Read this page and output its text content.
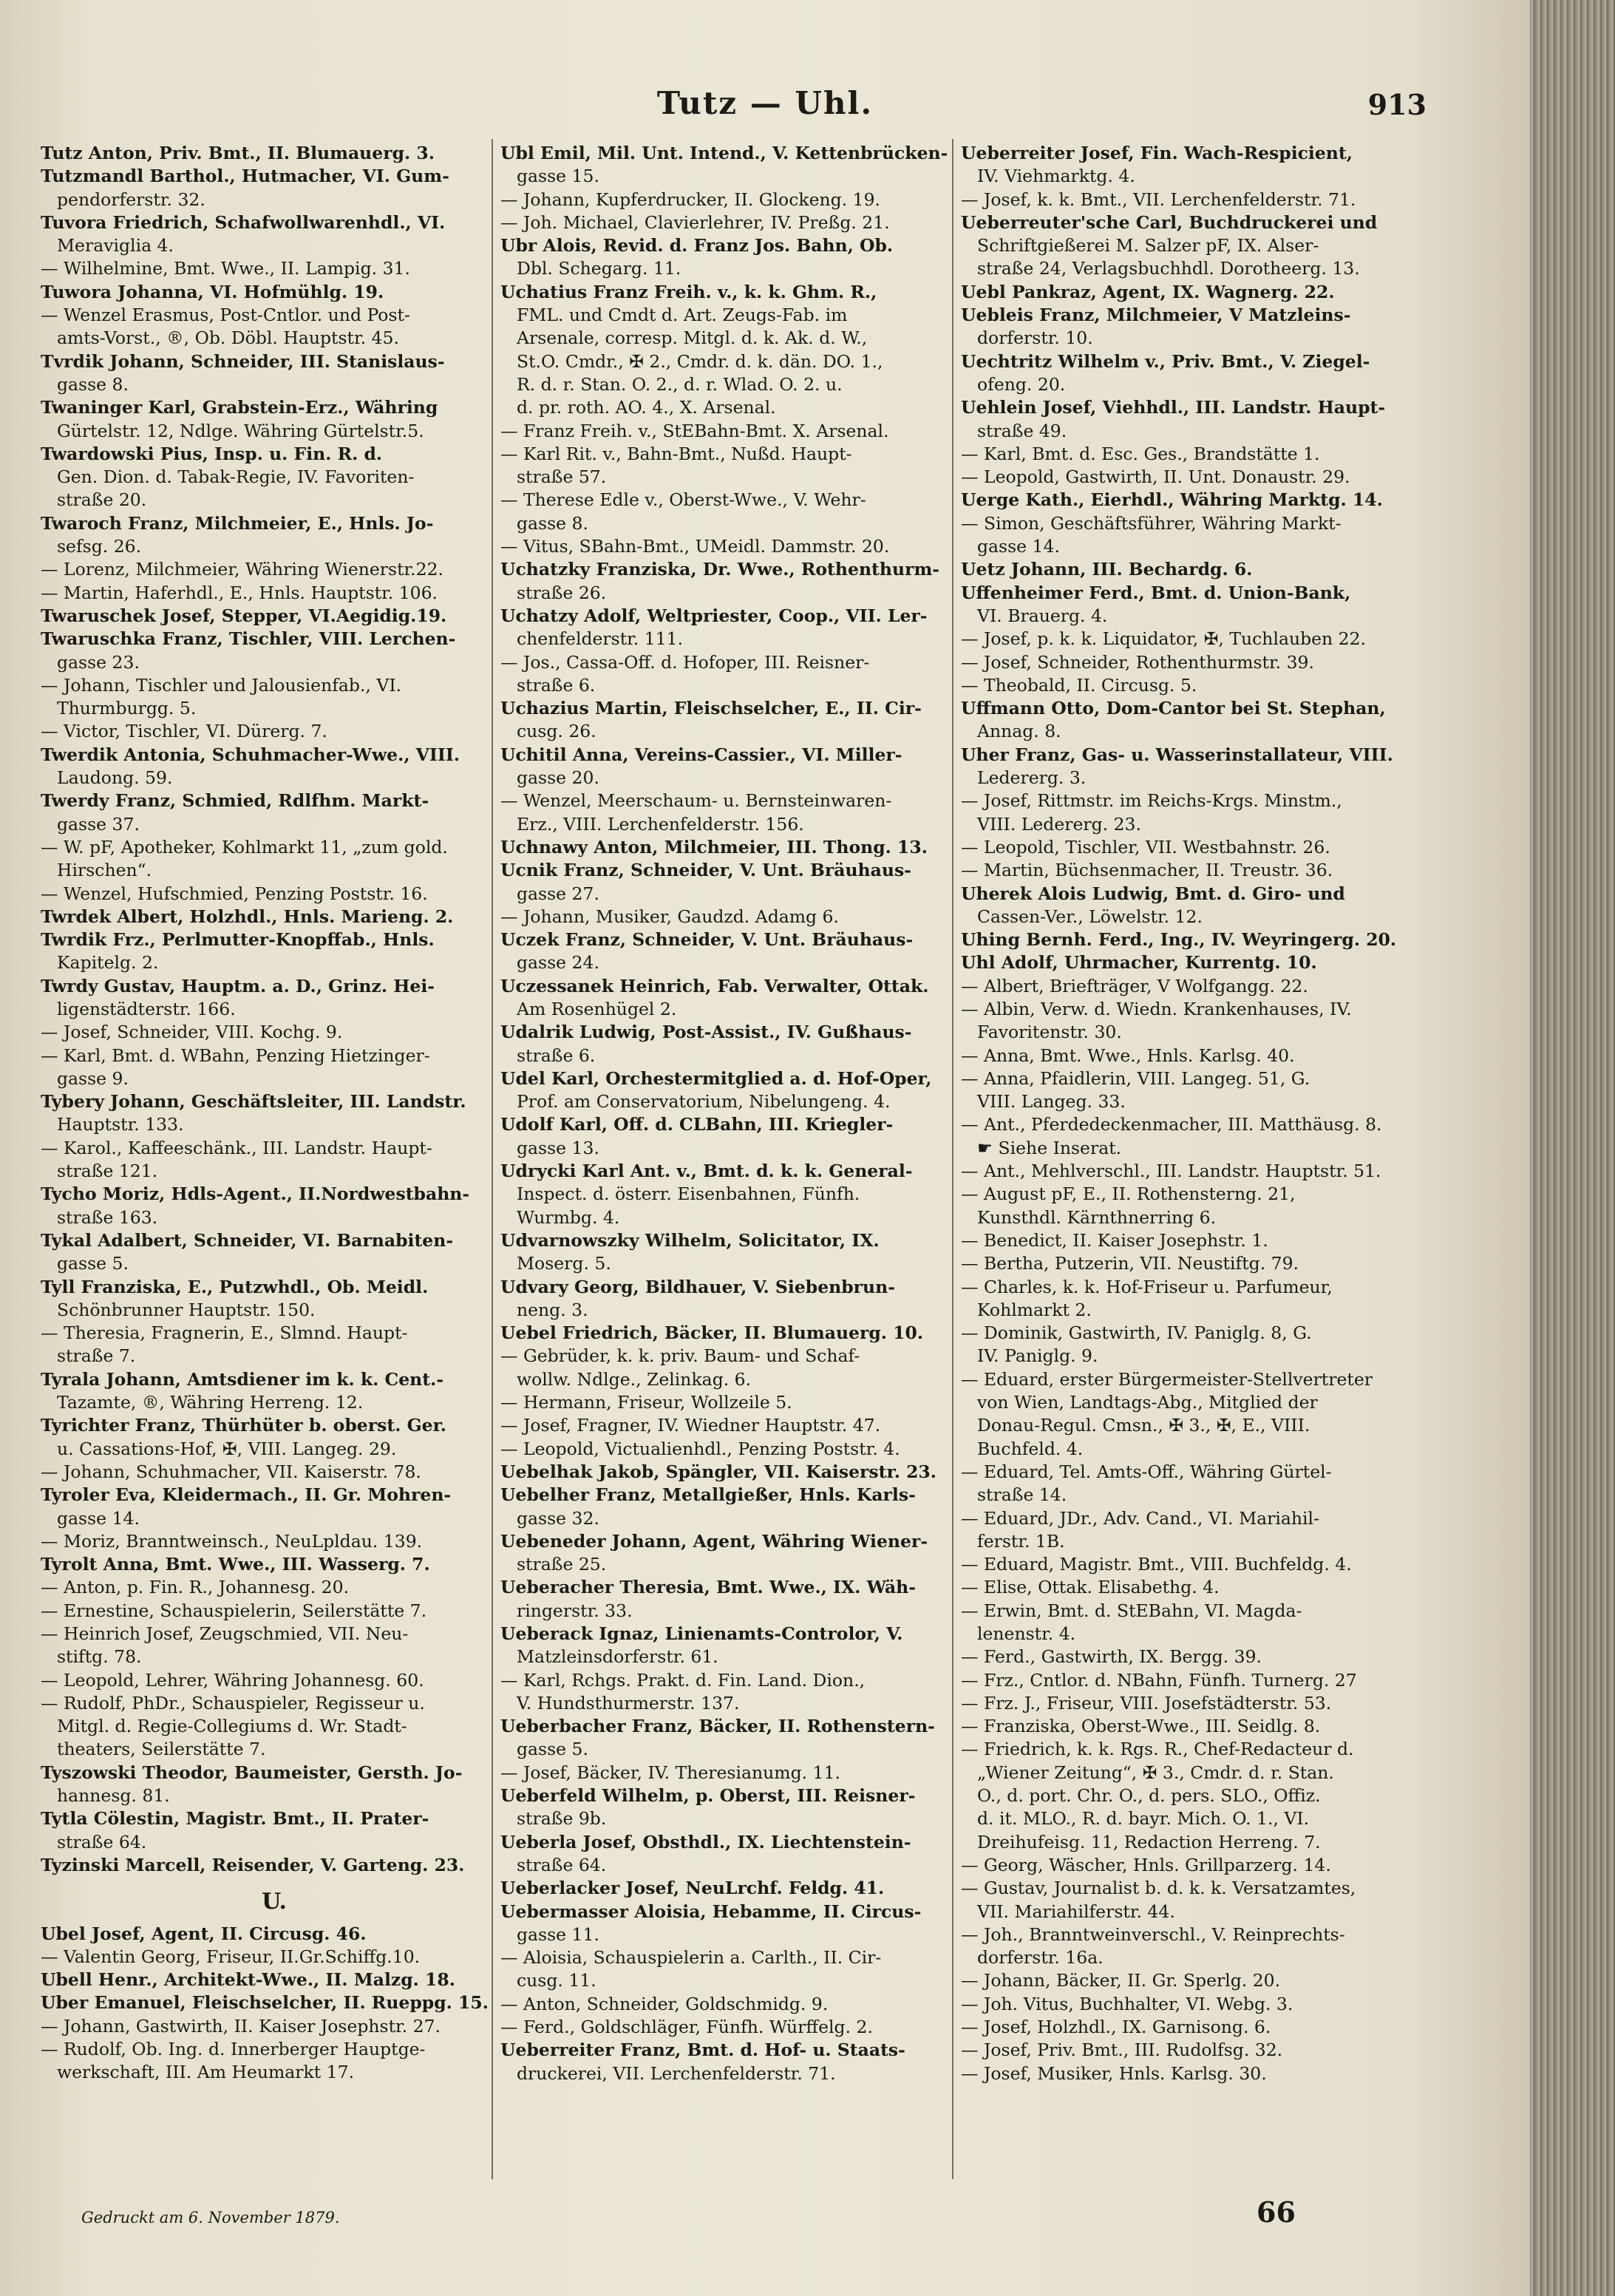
Tutz — Uhl.	913
Tutz Anton, Priv. Bmt., II. Blumauerg. 3.
Tutzmandl Barthol., Hutmacher, VI. Gum-
pendorferstr. 32.
Tuvora Friedrich, Schafwollwarenhdl., VI.
Meraviglia 4.
— Wilhelmine, Bmt. Wwe., II. Lampig. 31.
Tuwora Johanna, VI. Hofmühlg. 19.
— Wenzel Erasmus, Post-Cntlor. und Post-
amts-Vorst., ®, Ob. Döbl. Hauptstr. 45.
Tvrdik Johann, Schneider, III. Stanislaus-
gasse 8.
Twaninger Karl, Grabstein-Erz., Währing
Gürtelstr. 12, Ndlge. Währing Gürtelstr.5.
Twardowski Pius, Insp. u. Fin. R. d.
Gen. Dion. d. Tabak-Regie, IV. Favoriten-
straße 20.
Twaroch Franz, Milchmeier, E., Hnls. Jo-
sefsg. 26.
— Lorenz, Milchmeier, Währing Wienerstr.22.
— Martin, Haferhdl., E., Hnls. Hauptstr. 106.
Twaruschek Josef, Stepper, VI.Aegidig.19.
Twaruschka Franz, Tischler, VIII. Lerchen-
gasse 23.
— Johann, Tischler und Jalousienfab., VI.
Thurmburgg. 5.
— Victor, Tischler, VI. Dürerg. 7.
Twerdik Antonia, Schuhmacher-Wwe., VIII.
Laudong. 59.
Twerdy Franz, Schmied, Rdlfhm. Markt-
gasse 37.
— W. pF, Apotheker, Kohlmarkt 11, „zum gold.
Hirschen“.
— Wenzel, Hufschmied, Penzing Poststr. 16.
Twrdek Albert, Holzhdl., Hnls. Marieng. 2.
Twrdik Frz., Perlmutter-Knopffab., Hnls.
Kapitelg. 2.
Twrdy Gustav, Hauptm. a. D., Grinz. Hei-
ligenstädterstr. 166.
— Josef, Schneider, VIII. Kochg. 9.
— Karl, Bmt. d. WBahn, Penzing Hietzinger-
gasse 9.
Tybery Johann, Geschäftsleiter, III. Landstr.
Hauptstr. 133.
— Karol., Kaffeeschänk., III. Landstr. Haupt-
straße 121.
Tycho Moriz, Hdls-Agent., II.Nordwestbahn-
straße 163.
Tykal Adalbert, Schneider, VI. Barnabiten-
gasse 5.
Tyll Franziska, E., Putzwhdl., Ob. Meidl.
Schönbrunner Hauptstr. 150.
— Theresia, Fragnerin, E., Slmnd. Haupt-
straße 7.
Tyrala Johann, Amtsdiener im k. k. Cent.-
Tazamte, ®, Währing Herreng. 12.
Tyrichter Franz, Thürhüter b. oberst. Ger.
u. Cassations-Hof, ✠, VIII. Langeg. 29.
— Johann, Schuhmacher, VII. Kaiserstr. 78.
Tyroler Eva, Kleidermach., II. Gr. Mohren-
gasse 14.
— Moriz, Branntweinsch., NeuLpldau. 139.
Tyrolt Anna, Bmt. Wwe., III. Wasserg. 7.
— Anton, p. Fin. R., Johannesg. 20.
— Ernestine, Schauspielerin, Seilerstätte 7.
— Heinrich Josef, Zeugschmied, VII. Neu-
stiftg. 78.
— Leopold, Lehrer, Währing Johannesg. 60.
— Rudolf, PhDr., Schauspieler, Regisseur u.
Mitgl. d. Regie-Collegiums d. Wr. Stadt-
theaters, Seilerstätte 7.
Tyszowski Theodor, Baumeister, Gersth. Jo-
hannesg. 81.
Tytla Cölestin, Magistr. Bmt., II. Prater-
straße 64.
Tyzinski Marcell, Reisender, V. Garteng. 23.
U.
Ubel Josef, Agent, II. Circusg. 46.
— Valentin Georg, Friseur, II.Gr.Schiffg.10.
Ubell Henr., Architekt-Wwe., II. Malzg. 18.
Uber Emanuel, Fleischselcher, II. Rueppg. 15.
— Johann, Gastwirth, II. Kaiser Josephstr. 27.
— Rudolf, Ob. Ing. d. Innerberger Hauptge-
werkschaft, III. Am Heumarkt 17.
Ubl Emil, Mil. Unt. Intend., V. Kettenbrücken-
gasse 15.
— Johann, Kupferdrucker, II. Glockeng. 19.
— Joh. Michael, Clavierlehrer, IV. Preßg. 21.
Ubr Alois, Revid. d. Franz Jos. Bahn, Ob.
Dbl. Schegarg. 11.
Uchatius Franz Freih. v., k. k. Ghm. R.,
FML. und Cmdt d. Art. Zeugs-Fab. im
Arsenale, corresp. Mitgl. d. k. Ak. d. W.,
St.O. Cmdr., ✠ 2., Cmdr. d. k. dän. DO. 1.,
R. d. r. Stan. O. 2., d. r. Wlad. O. 2. u.
d. pr. roth. AO. 4., X. Arsenal.
— Franz Freih. v., StEBahn-Bmt. X. Arsenal.
— Karl Rit. v., Bahn-Bmt., Nußd. Haupt-
straße 57.
— Therese Edle v., Oberst-Wwe., V. Wehr-
gasse 8.
— Vitus, SBahn-Bmt., UMeidl. Dammstr. 20.
Uchatzky Franziska, Dr. Wwe., Rothenthurm-
straße 26.
Uchatzy Adolf, Weltpriester, Coop., VII. Ler-
chenfelderstr. 111.
— Jos., Cassa-Off. d. Hofoper, III. Reisner-
straße 6.
Uchazius Martin, Fleischselcher, E., II. Cir-
cusg. 26.
Uchitil Anna, Vereins-Cassier., VI. Miller-
gasse 20.
— Wenzel, Meerschaum- u. Bernsteinwaren-
Erz., VIII. Lerchenfelderstr. 156.
Uchnawy Anton, Milchmeier, III. Thong. 13.
Ucnik Franz, Schneider, V. Unt. Bräuhaus-
gasse 27.
— Johann, Musiker, Gaudzd. Adamg 6.
Uczek Franz, Schneider, V. Unt. Bräuhaus-
gasse 24.
Uczessanek Heinrich, Fab. Verwalter, Ottak.
Am Rosenhügel 2.
Udalrik Ludwig, Post-Assist., IV. Gußhaus-
straße 6.
Udel Karl, Orchestermitglied a. d. Hof-Oper,
Prof. am Conservatorium, Nibelungeng. 4.
Udolf Karl, Off. d. CLBahn, III. Kriegler-
gasse 13.
Udrycki Karl Ant. v., Bmt. d. k. k. General-
Inspect. d. österr. Eisenbahnen, Fünfh.
Wurmbg. 4.
Udvarnowszky Wilhelm, Solicitator, IX.
Moserg. 5.
Udvary Georg, Bildhauer, V. Siebenbrun-
neng. 3.
Uebel Friedrich, Bäcker, II. Blumauerg. 10.
— Gebrüder, k. k. priv. Baum- und Schaf-
wollw. Ndlge., Zelinkag. 6.
— Hermann, Friseur, Wollzeile 5.
— Josef, Fragner, IV. Wiedner Hauptstr. 47.
— Leopold, Victualienhdl., Penzing Poststr. 4.
Uebelhak Jakob, Spängler, VII. Kaiserstr. 23.
Uebelher Franz, Metallgießer, Hnls. Karls-
gasse 32.
Uebeneder Johann, Agent, Währing Wiener-
straße 25.
Ueberacher Theresia, Bmt. Wwe., IX. Wäh-
ringerstr. 33.
Ueberack Ignaz, Linienamts-Controlor, V.
Matzleinsdorferstr. 61.
— Karl, Rchgs. Prakt. d. Fin. Land. Dion.,
V. Hundsthurmerstr. 137.
Ueberbacher Franz, Bäcker, II. Rothenstern-
gasse 5.
— Josef, Bäcker, IV. Theresianumg. 11.
Ueberfeld Wilhelm, p. Oberst, III. Reisner-
straße 9b.
Ueberla Josef, Obsthdl., IX. Liechtenstein-
straße 64.
Ueberlacker Josef, NeuLrchf. Feldg. 41.
Uebermasser Aloisia, Hebamme, II. Circus-
gasse 11.
— Aloisia, Schauspielerin a. Carlth., II. Cir-
cusg. 11.
— Anton, Schneider, Goldschmidg. 9.
— Ferd., Goldschläger, Fünfh. Würffelg. 2.
Ueberreiter Franz, Bmt. d. Hof- u. Staats-
druckerei, VII. Lerchenfelderstr. 71.
Ueberreiter Josef, Fin. Wach-Respicient,
IV. Viehmarktg. 4.
— Josef, k. k. Bmt., VII. Lerchenfelderstr. 71.
Ueberreuter'sche Carl, Buchdruckerei und
Schriftgießerei M. Salzer pF, IX. Alser-
straße 24, Verlagsbuchhdl. Dorotheerg. 13.
Uebl Pankraz, Agent, IX. Wagnerg. 22.
Uebleis Franz, Milchmeier, V Matzleins-
dorferstr. 10.
Uechtritz Wilhelm v., Priv. Bmt., V. Ziegel-
ofeng. 20.
Uehlein Josef, Viehhdl., III. Landstr. Haupt-
straße 49.
— Karl, Bmt. d. Esc. Ges., Brandstätte 1.
— Leopold, Gastwirth, II. Unt. Donaustr. 29.
Uerge Kath., Eierhdl., Währing Marktg. 14.
— Simon, Geschäftsführer, Währing Markt-
gasse 14.
Uetz Johann, III. Bechardg. 6.
Uffenheimer Ferd., Bmt. d. Union-Bank,
VI. Brauerg. 4.
— Josef, p. k. k. Liquidator, ✠, Tuchlauben 22.
— Josef, Schneider, Rothenthurmstr. 39.
— Theobald, II. Circusg. 5.
Uffmann Otto, Dom-Cantor bei St. Stephan,
Annag. 8.
Uher Franz, Gas- u. Wasserinstallateur, VIII.
Ledererg. 3.
— Josef, Rittmstr. im Reichs-Krgs. Minstm.,
VIII. Ledererg. 23.
— Leopold, Tischler, VII. Westbahnstr. 26.
— Martin, Büchsenmacher, II. Treustr. 36.
Uherek Alois Ludwig, Bmt. d. Giro- und
Cassen-Ver., Löwelstr. 12.
Uhing Bernh. Ferd., Ing., IV. Weyringerg. 20.
Uhl Adolf, Uhrmacher, Kurrentg. 10.
— Albert, Briefträger, V Wolfgangg. 22.
— Albin, Verw. d. Wiedn. Krankenhauses, IV.
Favoritenstr. 30.
— Anna, Bmt. Wwe., Hnls. Karlsg. 40.
— Anna, Pfaidlerin, VIII. Langeg. 51, G.
VIII. Langeg. 33.
— Ant., Pferdedeckenmacher, III. Matthäusg. 8.
☛ Siehe Inserat.
— Ant., Mehlverschl., III. Landstr. Hauptstr. 51.
— August pF, E., II. Rothensterng. 21,
Kunsthdl. Kärnthnerring 6.
— Benedict, II. Kaiser Josephstr. 1.
— Bertha, Putzerin, VII. Neustiftg. 79.
— Charles, k. k. Hof-Friseur u. Parfumeur,
Kohlmarkt 2.
— Dominik, Gastwirth, IV. Paniglg. 8, G.
IV. Paniglg. 9.
— Eduard, erster Bürgermeister-Stellvertreter
von Wien, Landtags-Abg., Mitglied der
Donau-Regul. Cmsn., ✠ 3., ✠, E., VIII.
Buchfeld. 4.
— Eduard, Tel. Amts-Off., Währing Gürtel-
straße 14.
— Eduard, JDr., Adv. Cand., VI. Mariahil-
ferstr. 1B.
— Eduard, Magistr. Bmt., VIII. Buchfeldg. 4.
— Elise, Ottak. Elisabethg. 4.
— Erwin, Bmt. d. StEBahn, VI. Magda-
lenenstr. 4.
— Ferd., Gastwirth, IX. Bergg. 39.
— Frz., Cntlor. d. NBahn, Fünfh. Turnerg. 27
— Frz. J., Friseur, VIII. Josefstädterstr. 53.
— Franziska, Oberst-Wwe., III. Seidlg. 8.
— Friedrich, k. k. Rgs. R., Chef-Redacteur d.
„Wiener Zeitung“, ✠ 3., Cmdr. d. r. Stan.
O., d. port. Chr. O., d. pers. SLO., Offiz.
d. it. MLO., R. d. bayr. Mich. O. 1., VI.
Dreihufeisg. 11, Redaction Herreng. 7.
— Georg, Wäscher, Hnls. Grillparzerg. 14.
— Gustav, Journalist b. d. k. k. Versatzamtes,
VII. Mariahilferstr. 44.
— Joh., Branntweinverschl., V. Reinprechts-
dorferstr. 16a.
— Johann, Bäcker, II. Gr. Sperlg. 20.
— Joh. Vitus, Buchhalter, VI. Webg. 3.
— Josef, Holzhdl., IX. Garnisong. 6.
— Josef, Priv. Bmt., III. Rudolfsg. 32.
— Josef, Musiker, Hnls. Karlsg. 30.
Gedruckt am 6. November 1879.	66
